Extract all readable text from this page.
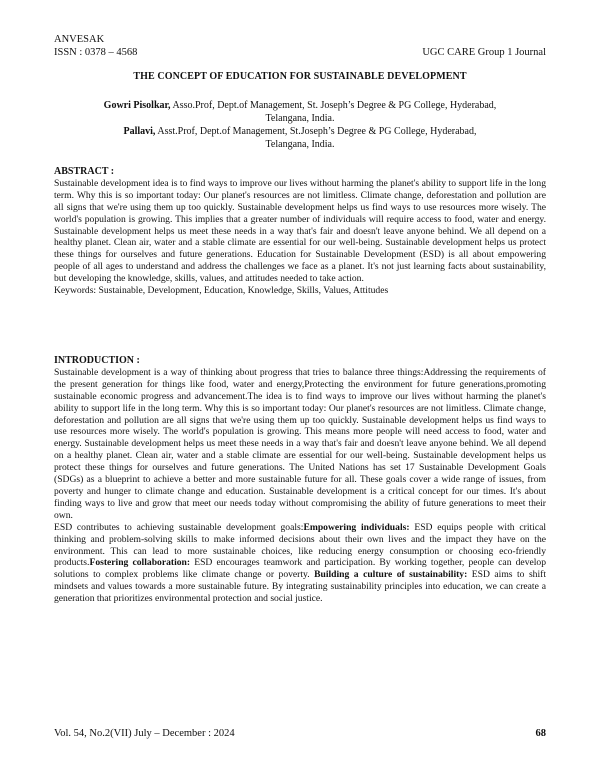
ANVESAK
ISSN : 0378 – 4568	UGC CARE Group 1 Journal
THE CONCEPT OF EDUCATION FOR SUSTAINABLE DEVELOPMENT
Gowri Pisolkar, Asso.Prof, Dept.of Management, St. Joseph’s Degree & PG College, Hyderabad,
Telangana, India.
Pallavi, Asst.Prof, Dept.of Management, St.Joseph’s Degree & PG College, Hyderabad,
Telangana, India.
ABSTRACT :

Sustainable development idea is to find ways to improve our lives without harming the planet's ability to support life in the long term. Why this is so important today: Our planet's resources are not limitless. Climate change, deforestation and pollution are all signs that we're using them up too quickly. Sustainable development helps us find ways to use resources more wisely. The world's population is growing. This implies that a greater number of individuals will require access to food, water and energy. Sustainable development helps us meet these needs in a way that's fair and doesn't leave anyone behind. We all depend on a healthy planet. Clean air, water and a stable climate are essential for our well-being. Sustainable development helps us protect these things for ourselves and future generations. Education for Sustainable Development (ESD) is all about empowering people of all ages to understand and address the challenges we face as a planet. It's not just learning facts about sustainability, but developing the knowledge, skills, values, and attitudes needed to take action.

Keywords: Sustainable, Development, Education, Knowledge, Skills, Values, Attitudes

INTRODUCTION :

Sustainable development is a way of thinking about progress that tries to balance three things:Addressing the requirements of the present generation for things like food, water and energy,Protecting the environment for future generations,promoting sustainable economic progress and advancement.The idea is to find ways to improve our lives without harming the planet's ability to support life in the long term. Why this is so important today: Our planet's resources are not limitless. Climate change, deforestation and pollution are all signs that we're using them up too quickly. Sustainable development helps us find ways to use resources more wisely. The world's population is growing. This means more people will need access to food, water and energy. Sustainable development helps us meet these needs in a way that's fair and doesn't leave anyone behind. We all depend on a healthy planet. Clean air, water and a stable climate are essential for our well-being. Sustainable development helps us protect these things for ourselves and future generations. The United Nations has set 17 Sustainable Development Goals (SDGs) as a blueprint to achieve a better and more sustainable future for all. These goals cover a wide range of issues, from poverty and hunger to climate change and education. Sustainable development is a critical concept for our times. It's about finding ways to live and grow that meet our needs today without compromising the ability of future generations to meet their own.

ESD contributes to achieving sustainable development goals:Empowering individuals: ESD equips people with critical thinking and problem-solving skills to make informed decisions about their own lives and the impact they have on the environment. This can lead to more sustainable choices, like reducing energy consumption or choosing eco-friendly products.Fostering collaboration: ESD encourages teamwork and participation. By working together, people can develop solutions to complex problems like climate change or poverty. Building a culture of sustainability: ESD aims to shift mindsets and values towards a more sustainable future. By integrating sustainability principles into education, we can create a generation that prioritizes environmental protection and social justice.

Vol. 54, No.2(VII) July – December : 2024	68
